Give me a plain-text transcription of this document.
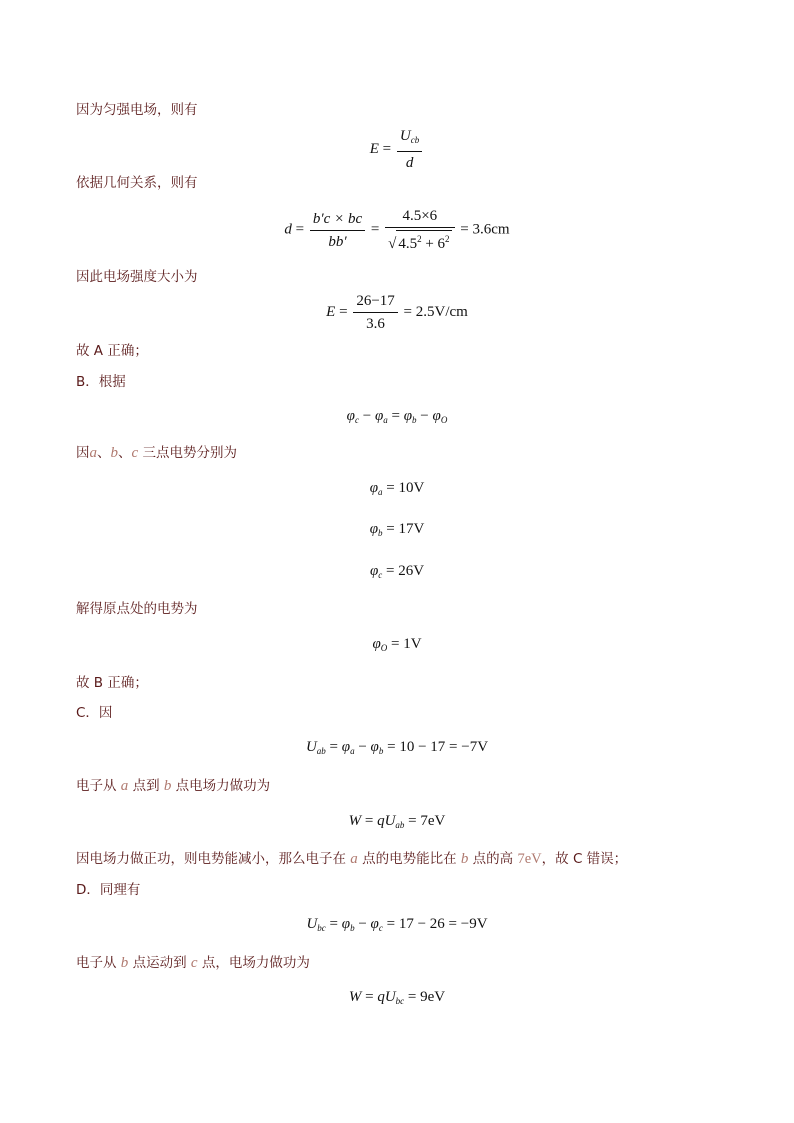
因为匀强电场，则有
$E = \frac{U_{cb}}{d}$
依据几何关系，则有
$d = \frac{b'c \times bc}{bb'} = \frac{4.5\times 6}{√ 4.5^2 + 6^2} = 3.6cm$
因此电场强度大小为
$E = \frac{26-17}{3.6} = 2.5V/cm$
故 A 正确；
B．根据
$\varphi_c - \varphi_a = \varphi_b - \varphi_O$
因a、b、c 三点电势分别为
$\varphi_a = 10V$
$\varphi_b = 17V$
$\varphi_c = 26V$
解得原点处的电势为
$\varphi_O = 1V$
故 B 正确；
C．因
$U_{ab} = \varphi_a - \varphi_b = 10 - 17 = -7V$
电子从 a 点到 b 点电场力做功为
$W = qU_{ab} = 7eV$
因电场力做正功，则电势能减小，那么电子在 a 点的电势能比在 b 点的高 7eV，故 C 错误；
D．同理有
$U_{bc} = \varphi_b - \varphi_c = 17 - 26 = -9V$
电子从 b 点运动到 c 点，电场力做功为
$W = qU_{bc} = 9eV$
